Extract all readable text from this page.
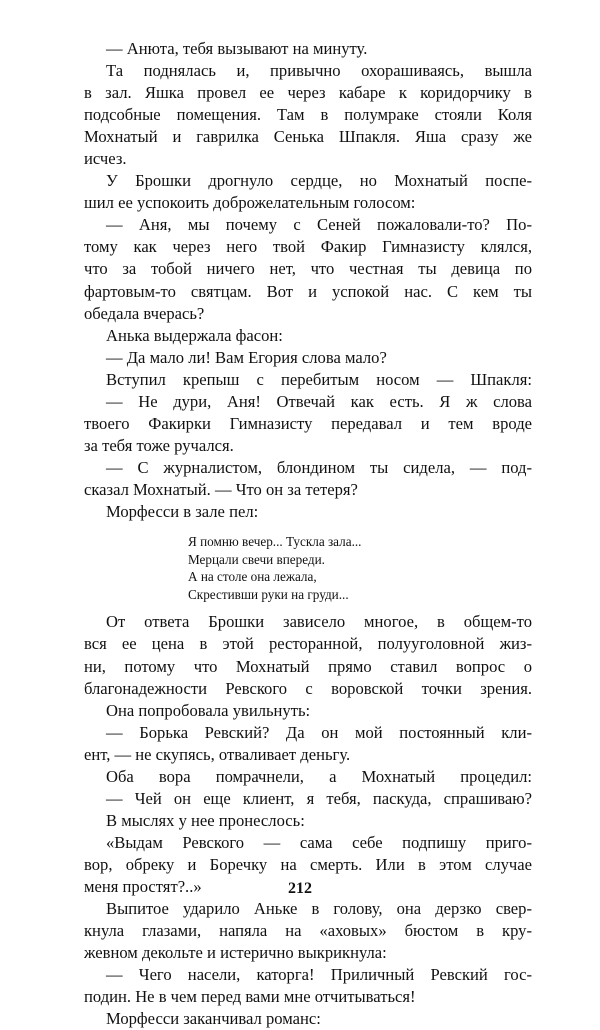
— Анюта, тебя вызывают на минуту.
Та поднялась и, привычно охорашиваясь, вышла
в зал. Яшка провел ее через кабаре к коридорчику в
подсобные помещения. Там в полумраке стояли Коля
Мохнатый и гаврилка Сенька Шпакля. Яша сразу же
исчез.
У Брошки дрогнуло сердце, но Мохнатый поспе-
шил ее успокоить доброжелательным голосом:
— Аня, мы почему с Сеней пожаловали-то? По-
тому как через него твой Факир Гимназисту клялся,
что за тобой ничего нет, что честная ты девица по
фартовым-то святцам. Вот и успокой нас. С кем ты
обедала вчерась?
Анька выдержала фасон:
— Да мало ли! Вам Егория слова мало?
Вступил крепыш с перебитым носом — Шпакля:
— Не дури, Аня! Отвечай как есть. Я ж слова
твоего Факирки Гимназисту передавал и тем вроде
за тебя тоже ручался.
— С журналистом, блондином ты сидела, — под-
сказал Мохнатый. — Что он за тетеря?
Морфесси в зале пел:
Я помню вечер... Тускла зала...
Мерцали свечи впереди.
А на столе она лежала,
Скрестивши руки на груди...
От ответа Брошки зависело многое, в общем-то
вся ее цена в этой ресторанной, полууголовной жиз-
ни, потому что Мохнатый прямо ставил вопрос о
благонадежности Ревского с воровской точки зрения.
Она попробовала увильнуть:
— Борька Ревский? Да он мой постоянный кли-
ент, — не скупясь, отваливает деньгу.
Оба вора помрачнели, а Мохнатый процедил:
— Чей он еще клиент, я тебя, паскуда, спрашиваю?
В мыслях у нее пронеслось:
«Выдам Ревского — сама себе подпишу приго-
вор, обреку и Боречку на смерть. Или в этом случае
меня простят?..»
Выпитое ударило Аньке в голову, она дерзко свер-
кнула глазами, напяла на «аховых» бюстом в кру-
жевном декольте и истерично выкрикнула:
— Чего насели, каторга! Приличный Ревский гос-
подин. Не в чем перед вами мне отчитываться!
Морфесси заканчивал романс:
212
